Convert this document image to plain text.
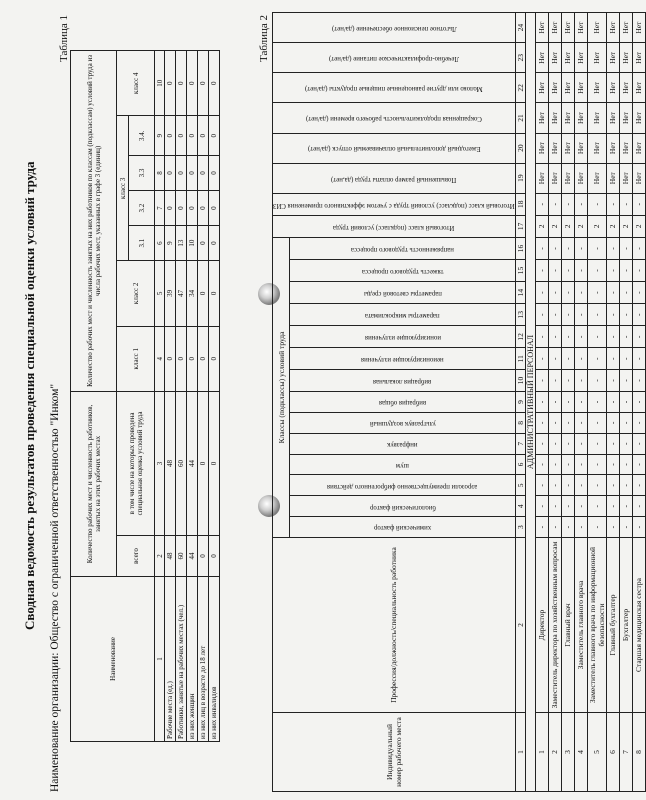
Сводная ведомость результатов проведения специальной оценки условий труда Наименование организации: Общество с ограниченной ответственностью "Инком"
Таблица 1
Наименование	Количество рабочих мест и численность работников, занятых на этих рабочих местах		Количество рабочих мест и численность занятых на них работников по классам (подклассам) условий труда из числа рабочих мест, указанных в графе 3 (единиц)						
	всего	в том числе на которых проведена специальная оценка условий труда	класс 1	класс 2	класс 3				класс 4
					3.1	3.2	3.3	3.4.	
1	2	3	4	5	6	7	8	9	10
Рабочие места (ед.)	48	48	0	39	9	0	0	0	0
Работники, занятые на рабочих местах (чел.)	60	60	0	47	13	0	0	0	0
из них женщин	44	44	0	34	10	0	0	0	0
из них лиц в возрасте до 18 лет	0	0	0	0	0	0	0	0	0
из них инвалидов	0	0	0	0	0	0	0	0	0
Таблица 2
Индивидуальный номер рабочего места	Профессия/должность/специальность работника	Классы (подклассы) условий труда														Итоговый класс (подкласс) условий труда	Итоговый класс (подкласс) условий труда с учетом эффективного применения СИЗ	Повышенный размер оплаты труда (да,нет)	Ежегодный дополнительный оплачиваемый отпуск (да/нет)	Сокращенная продолжительность рабочего времени (да/нет)	Молоко или другие равноценные пищевые продукты (да/нет)	Лечебно-профилактическое питание (да/нет)	Льготное пенсионное обеспечение (да/нет)

		химический фактор	биологический фактор	аэрозоли преимущественно фиброгенного действия	шум	инфразвук	ультразвук воздушный	вибрация общая	вибрация локальная	неионизирующие излучения	ионизирующие излучения	параметры микроклимата	параметры световой среды	тяжесть трудового процесса	напряженность трудового процесса								

1	2	3	4	5	6	7	8	9	10	11	12	13	14	15	16	17	18	19	20	21	22	23	24
АДМИНИСТРАТИВНЫЙ ПЕРСОНАЛ																							
1	Директор	-	-	-	-	-	-	-	-	-	-	-	-	-	-	2	-	Нет	Нет	Нет	Нет	Нет	Нет
2	Заместитель директора по хозяйственным вопросам	-	-	-	-	-	-	-	-	-	-	-	-	-	-	2	-	Нет	Нет	Нет	Нет	Нет	Нет
3	Главный врач	-	-	-	-	-	-	-	-	-	-	-	-	-	-	2	-	Нет	Нет	Нет	Нет	Нет	Нет
4	Заместитель главного врача	-	-	-	-	-	-	-	-	-	-	-	-	-	-	2	-	Нет	Нет	Нет	Нет	Нет	Нет
5	Заместитель главного врача по информационной безопасности	-	-	-	-	-	-	-	-	-	-	-	-	-	-	2	-	Нет	Нет	Нет	Нет	Нет	Нет
6	Главный бухгалтер	-	-	-	-	-	-	-	-	-	-	-	-	-	-	2	-	Нет	Нет	Нет	Нет	Нет	Нет
7	Бухгалтер	-	-	-	-	-	-	-	-	-	-	-	-	-	-	2	-	Нет	Нет	Нет	Нет	Нет	Нет
8	Старшая медицинская сестра	-	-	-	-	-	-	-	-	-	-	-	-	-	-	2	-	Нет	Нет	Нет	Нет	Нет	Нет
